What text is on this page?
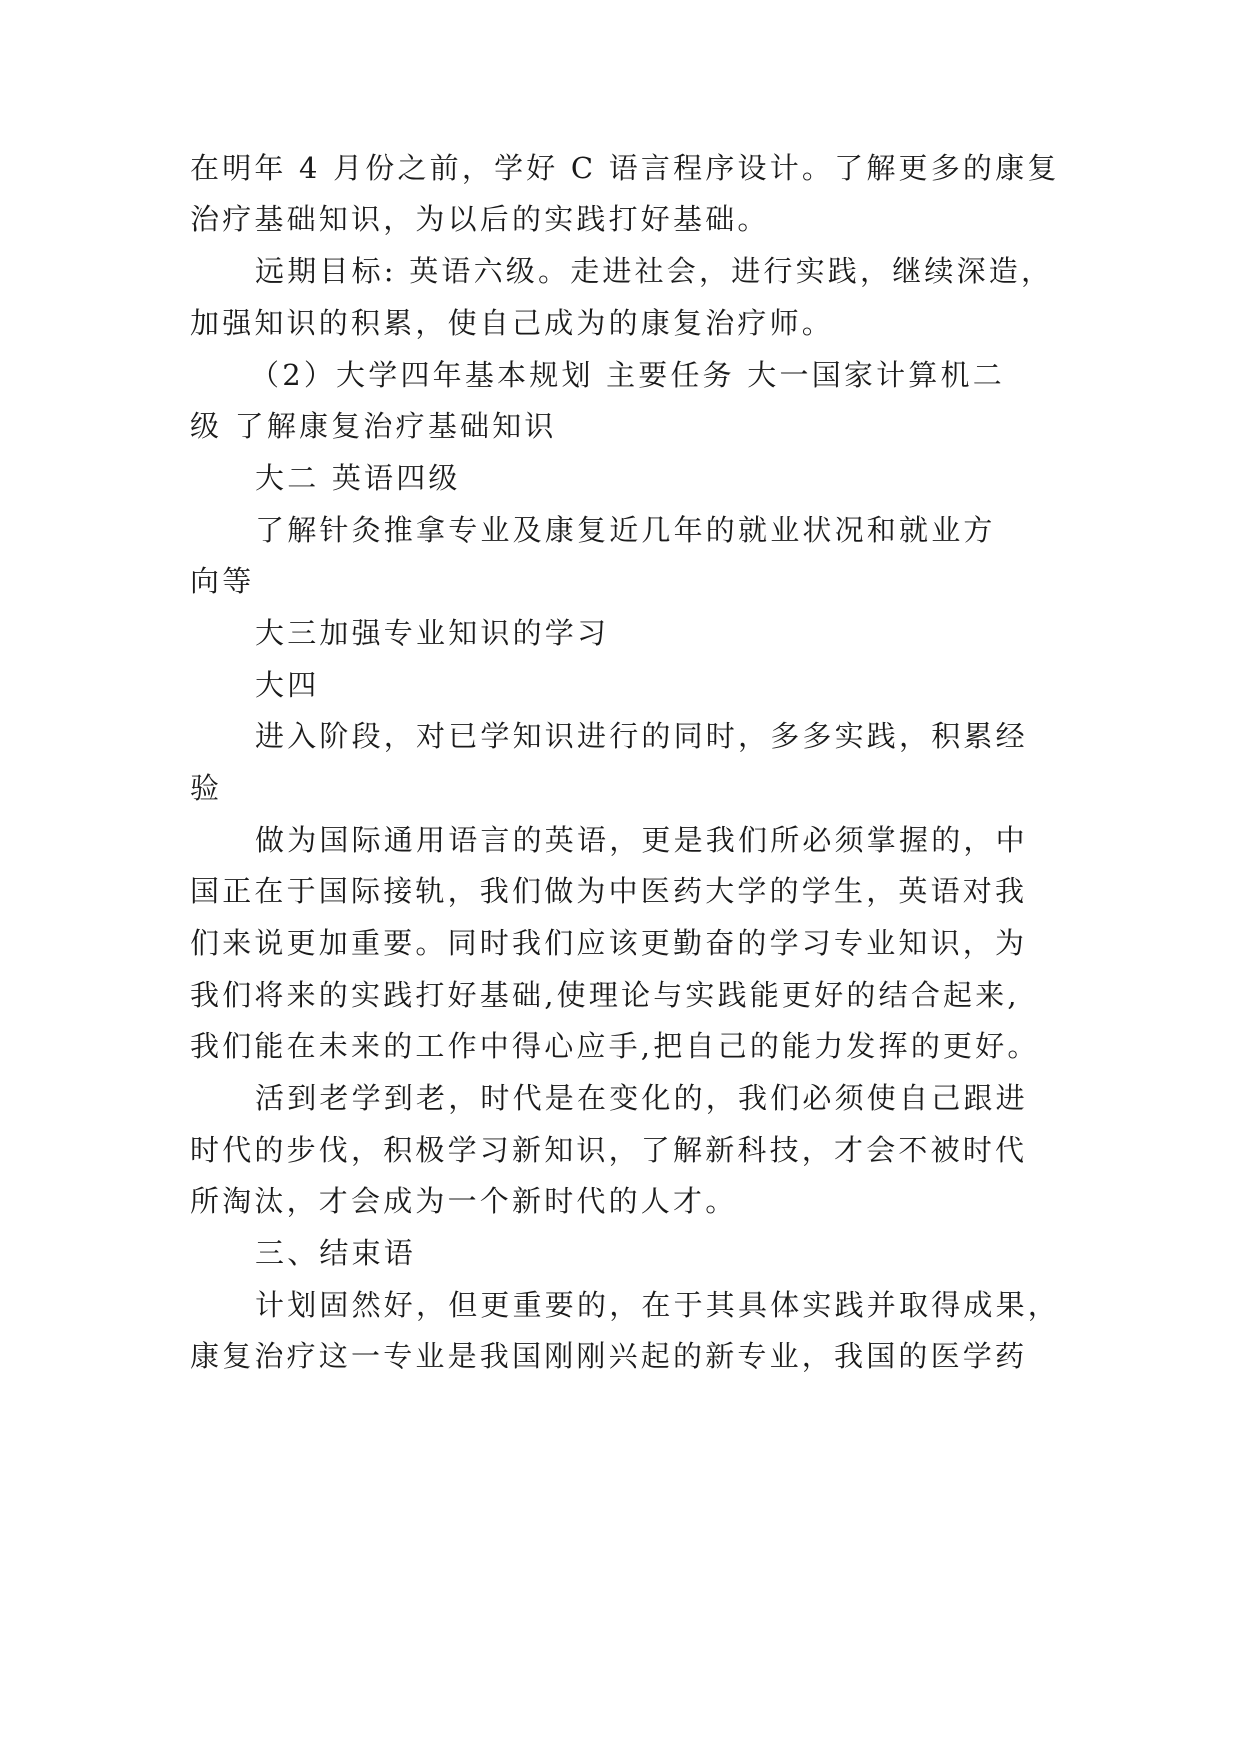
在明年 4 月份之前，学好 C 语言程序设计。了解更多的康复

治疗基础知识，为以后的实践打好基础。

远期目标: 英语六级。走进社会，进行实践，继续深造，

加强知识的积累，使自己成为的康复治疗师。

（2）大学四年基本规划 主要任务 大一国家计算机二

级 了解康复治疗基础知识

大二 英语四级

了解针灸推拿专业及康复近几年的就业状况和就业方

向等

大三加强专业知识的学习

大四

进入阶段，对已学知识进行的同时，多多实践，积累经

验

做为国际通用语言的英语，更是我们所必须掌握的，中

国正在于国际接轨，我们做为中医药大学的学生，英语对我

们来说更加重要。同时我们应该更勤奋的学习专业知识，为

我们将来的实践打好基础,使理论与实践能更好的结合起来,

我们能在未来的工作中得心应手,把自己的能力发挥的更好。

活到老学到老，时代是在变化的，我们必须使自己跟进

时代的步伐，积极学习新知识，了解新科技，才会不被时代

所淘汰，才会成为一个新时代的人才。

三、结束语

计划固然好，但更重要的，在于其具体实践并取得成果，

康复治疗这一专业是我国刚刚兴起的新专业，我国的医学药
